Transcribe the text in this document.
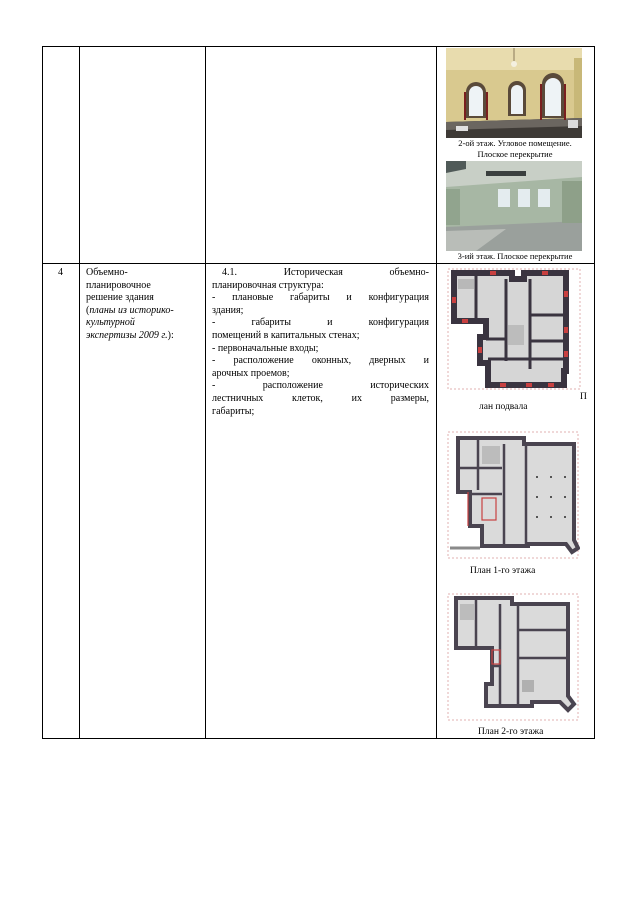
2-ой этаж. Угловое помещение.
Плоское перекрытие
3-ий этаж. Плоское перекрытие
4 Объемно-
планировочное
решение здания
(планы из историко-
культурной
экспертизы 2009 г.):
4.1.	Историческая	объемно-
планировочная структура:
- плановые габариты и конфигурация
здания;
- габариты и конфигурация
помещений в капитальных стенах;
- первоначальные входы;
- расположение оконных, дверных и
арочных проемов;
- расположение исторических
лестничных клеток, их размеры,
габариты;
П
лан подвала
План 1-го этажа
План 2-го этажа
